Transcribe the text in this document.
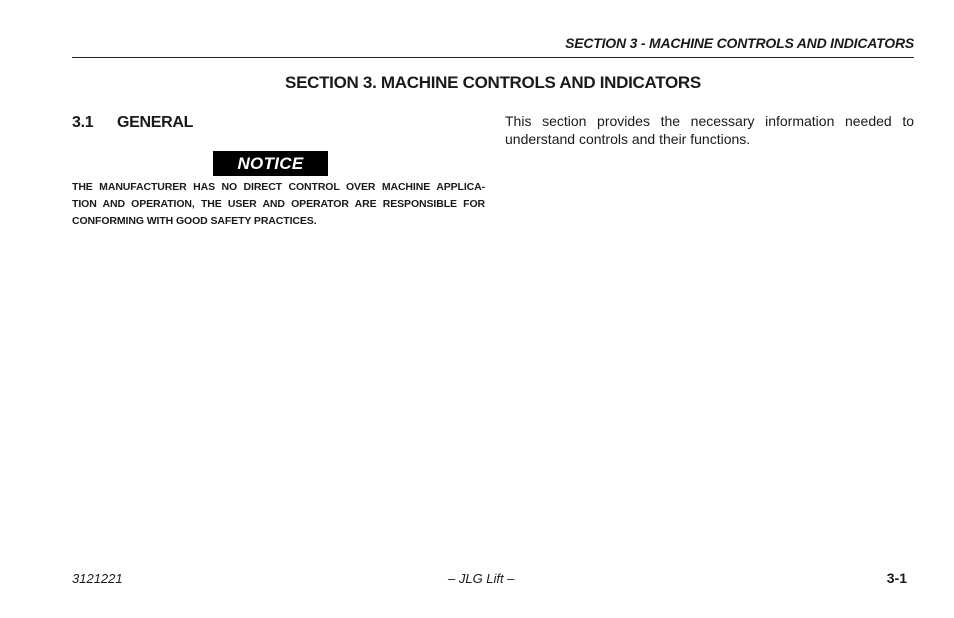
SECTION 3 - MACHINE CONTROLS AND INDICATORS
SECTION 3. MACHINE CONTROLS AND INDICATORS
3.1 GENERAL
NOTICE
THE MANUFACTURER HAS NO DIRECT CONTROL OVER MACHINE APPLICA-
TION AND OPERATION, THE USER AND OPERATOR ARE RESPONSIBLE FOR
CONFORMING WITH GOOD SAFETY PRACTICES.
This section provides the necessary information needed to
understand controls and their functions.
3121221	– JLG Lift –	3-1
